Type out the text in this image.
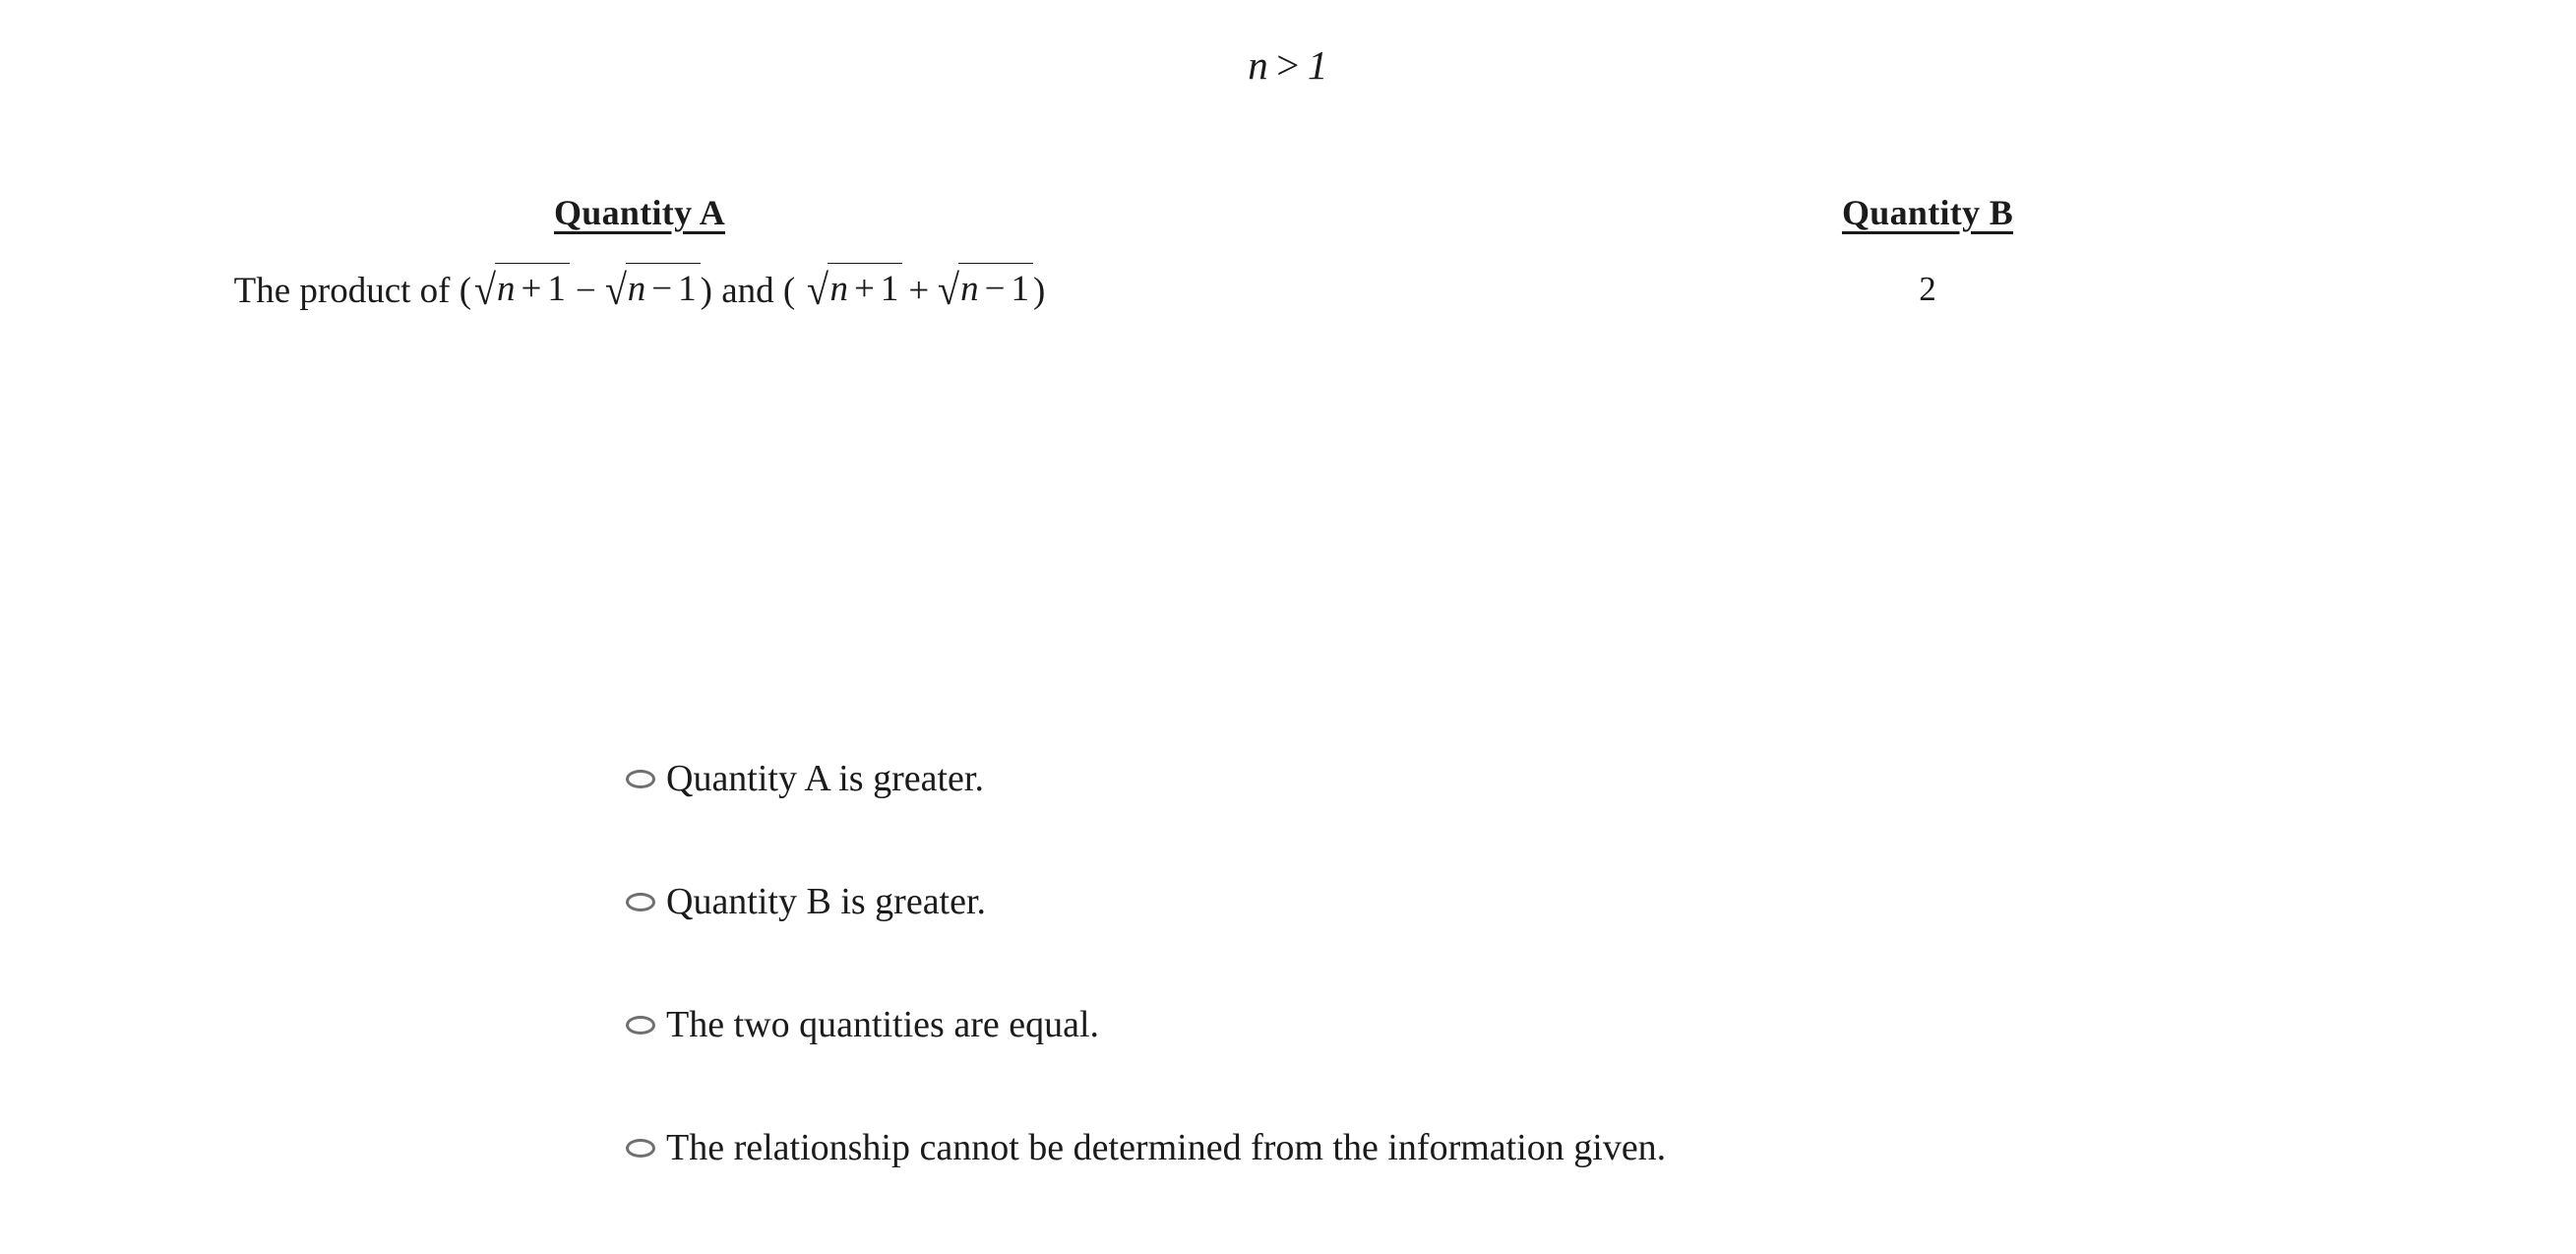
n > 1
Quantity A
The product of (√n + 1 − √n − 1 ) and ( √n + 1 + √n − 1 )
Quantity B
2
Quantity A is greater.
Quantity B is greater.
The two quantities are equal.
The relationship cannot be determined from the information given.
